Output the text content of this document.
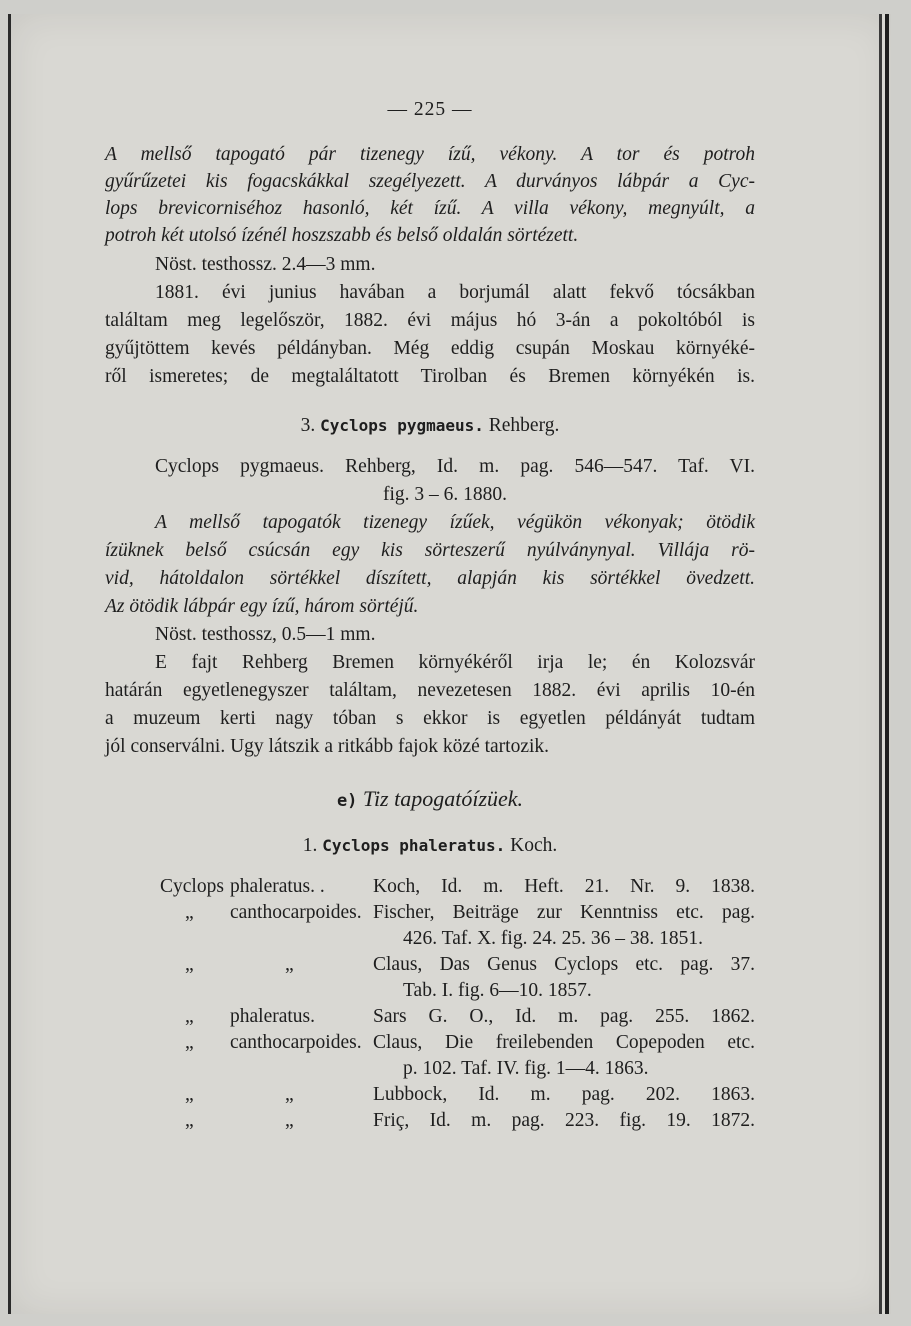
— 225 —
A mellső tapogató pár tizenegy ízű, vékony. A tor és potroh
gyűrűzetei kis fogacskákkal szegélyezett. A durványos lábpár a Cyc-
lops brevicorniséhoz hasonló, két ízű. A villa vékony, megnyúlt, a
potroh két utolsó ízénél hoszszabb és belső oldalán sörtézett.
Nöst. testhossz. 2.4—3 mm.
1881. évi junius havában a borjumál alatt fekvő tócsákban
találtam meg legelőször, 1882. évi május hó 3-án a pokoltóból is
gyűjtöttem kevés példányban. Még eddig csupán Moskau környéké-
ről ismeretes; de megtaláltatott Tirolban és Bremen környékén is.
3. Cyclops pygmaeus. Rehberg.
Cyclops pygmaeus. Rehberg, Id. m. pag. 546—547. Taf. VI.
fig. 3 – 6. 1880.
A mellső tapogatók tizenegy ízűek, végükön vékonyak; ötödik
ízüknek belső csúcsán egy kis sörteszerű nyúlványnyal. Villája rö-
vid, hátoldalon sörtékkel díszített, alapján kis sörtékkel övedzett.
Az ötödik lábpár egy ízű, három sörtéjű.
Nöst. testhossz, 0.5—1 mm.
E fajt Rehberg Bremen környékéről irja le; én Kolozsvár
határán egyetlenegyszer találtam, nevezetesen 1882. évi aprilis 10-én
a muzeum kerti nagy tóban s ekkor is egyetlen példányát tudtam
jól conserválni. Ugy látszik a ritkább fajok közé tartozik.
e) Tiz tapogatóízüek.
1. Cyclops phaleratus. Koch.
Cyclops phaleratus. . Koch, Id. m. Heft. 21. Nr. 9. 1838.
„ canthocarpoides. Fischer, Beiträge zur Kenntniss etc. pag.
426. Taf. X. fig. 24. 25. 36 – 38. 1851.
„	„	Claus, Das Genus Cyclops etc. pag. 37.
Tab. I. fig. 6—10. 1857.
„ phaleratus.	Sars G. O., Id. m. pag. 255. 1862.
„ canthocarpoides. Claus, Die freilebenden Copepoden etc.
p. 102. Taf. IV. fig. 1—4. 1863.
„	„	Lubbock, Id. m. pag. 202. 1863.
„	„	Friç, Id. m. pag. 223. fig. 19. 1872.
